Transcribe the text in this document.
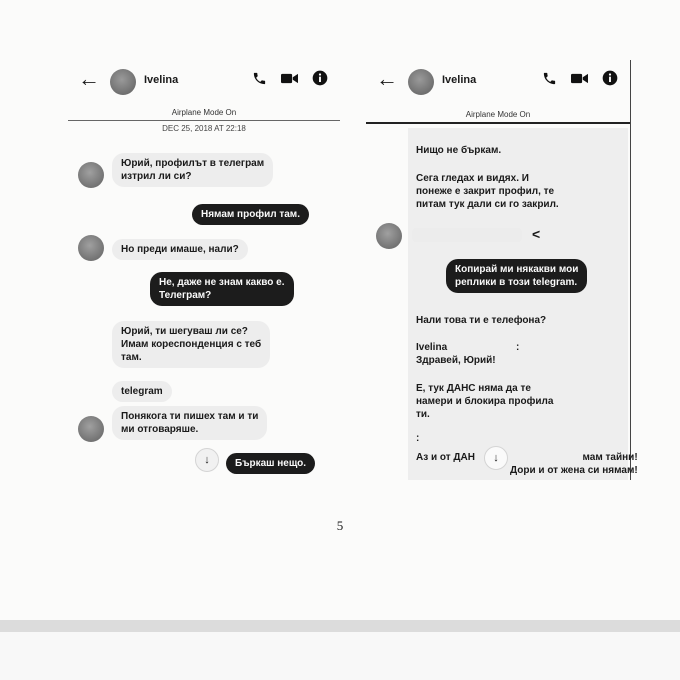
←	Ivelina
Airplane Mode On
DEC 25, 2018 AT 22:18
Юрий, профилът в телеграм
изтрил ли си?
Нямам профил там.
Но преди имаше, нали?
Не, даже не знам какво е.
Телеграм?
Юрий, ти шегуваш ли се?
Имам кореспонденция с теб
там.
telegram
Понякога ти пишех там и ти
ми отговаряше.
↓	Бъркаш нещо.
←	Ivelina
Airplane Mode On
Нищо не бъркам.
Сега гледах и видях. И
понеже е закрит профил, те
питам тук дали си го закрил.
<
Копирай ми някакви мои
реплики в този telegram.
Нали това ти е телефона?
Ivelina
Здравей, Юрий!
:
Е, тук ДАНС няма да те
намери и блокира профила
ти.
:
Аз и от ДАН	↓	мам тайни!
Дори и от жена си нямам!
5
